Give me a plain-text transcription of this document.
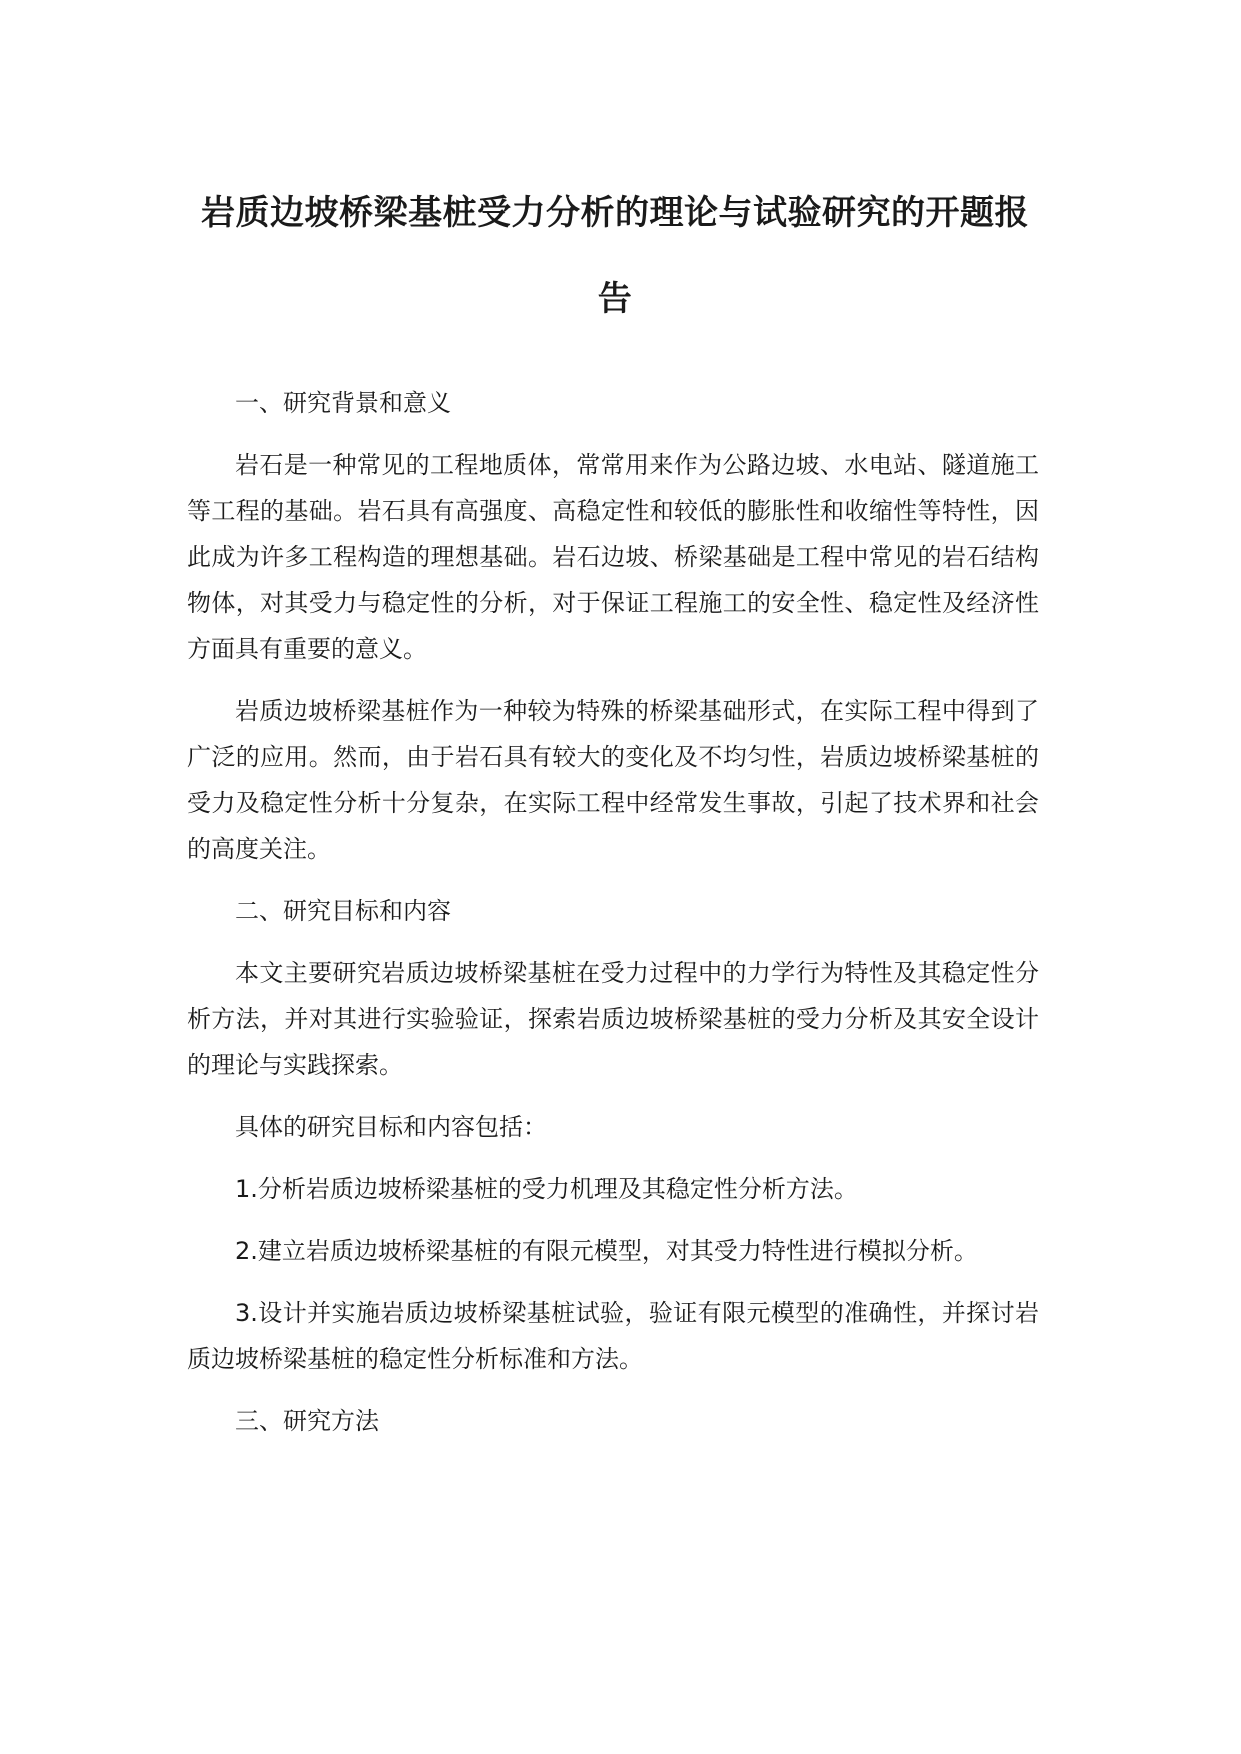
岩质边坡桥梁基桩受力分析的理论与试验研究的开题报告

一、研究背景和意义

岩石是一种常见的工程地质体，常常用来作为公路边坡、水电站、隧道施工等工程的基础。岩石具有高强度、高稳定性和较低的膨胀性和收缩性等特性，因此成为许多工程构造的理想基础。岩石边坡、桥梁基础是工程中常见的岩石结构物体，对其受力与稳定性的分析，对于保证工程施工的安全性、稳定性及经济性方面具有重要的意义。

岩质边坡桥梁基桩作为一种较为特殊的桥梁基础形式，在实际工程中得到了广泛的应用。然而，由于岩石具有较大的变化及不均匀性，岩质边坡桥梁基桩的受力及稳定性分析十分复杂，在实际工程中经常发生事故，引起了技术界和社会的高度关注。

二、研究目标和内容

本文主要研究岩质边坡桥梁基桩在受力过程中的力学行为特性及其稳定性分析方法，并对其进行实验验证，探索岩质边坡桥梁基桩的受力分析及其安全设计的理论与实践探索。

具体的研究目标和内容包括：

1.分析岩质边坡桥梁基桩的受力机理及其稳定性分析方法。

2.建立岩质边坡桥梁基桩的有限元模型，对其受力特性进行模拟分析。

3.设计并实施岩质边坡桥梁基桩试验，验证有限元模型的准确性，并探讨岩质边坡桥梁基桩的稳定性分析标准和方法。

三、研究方法
